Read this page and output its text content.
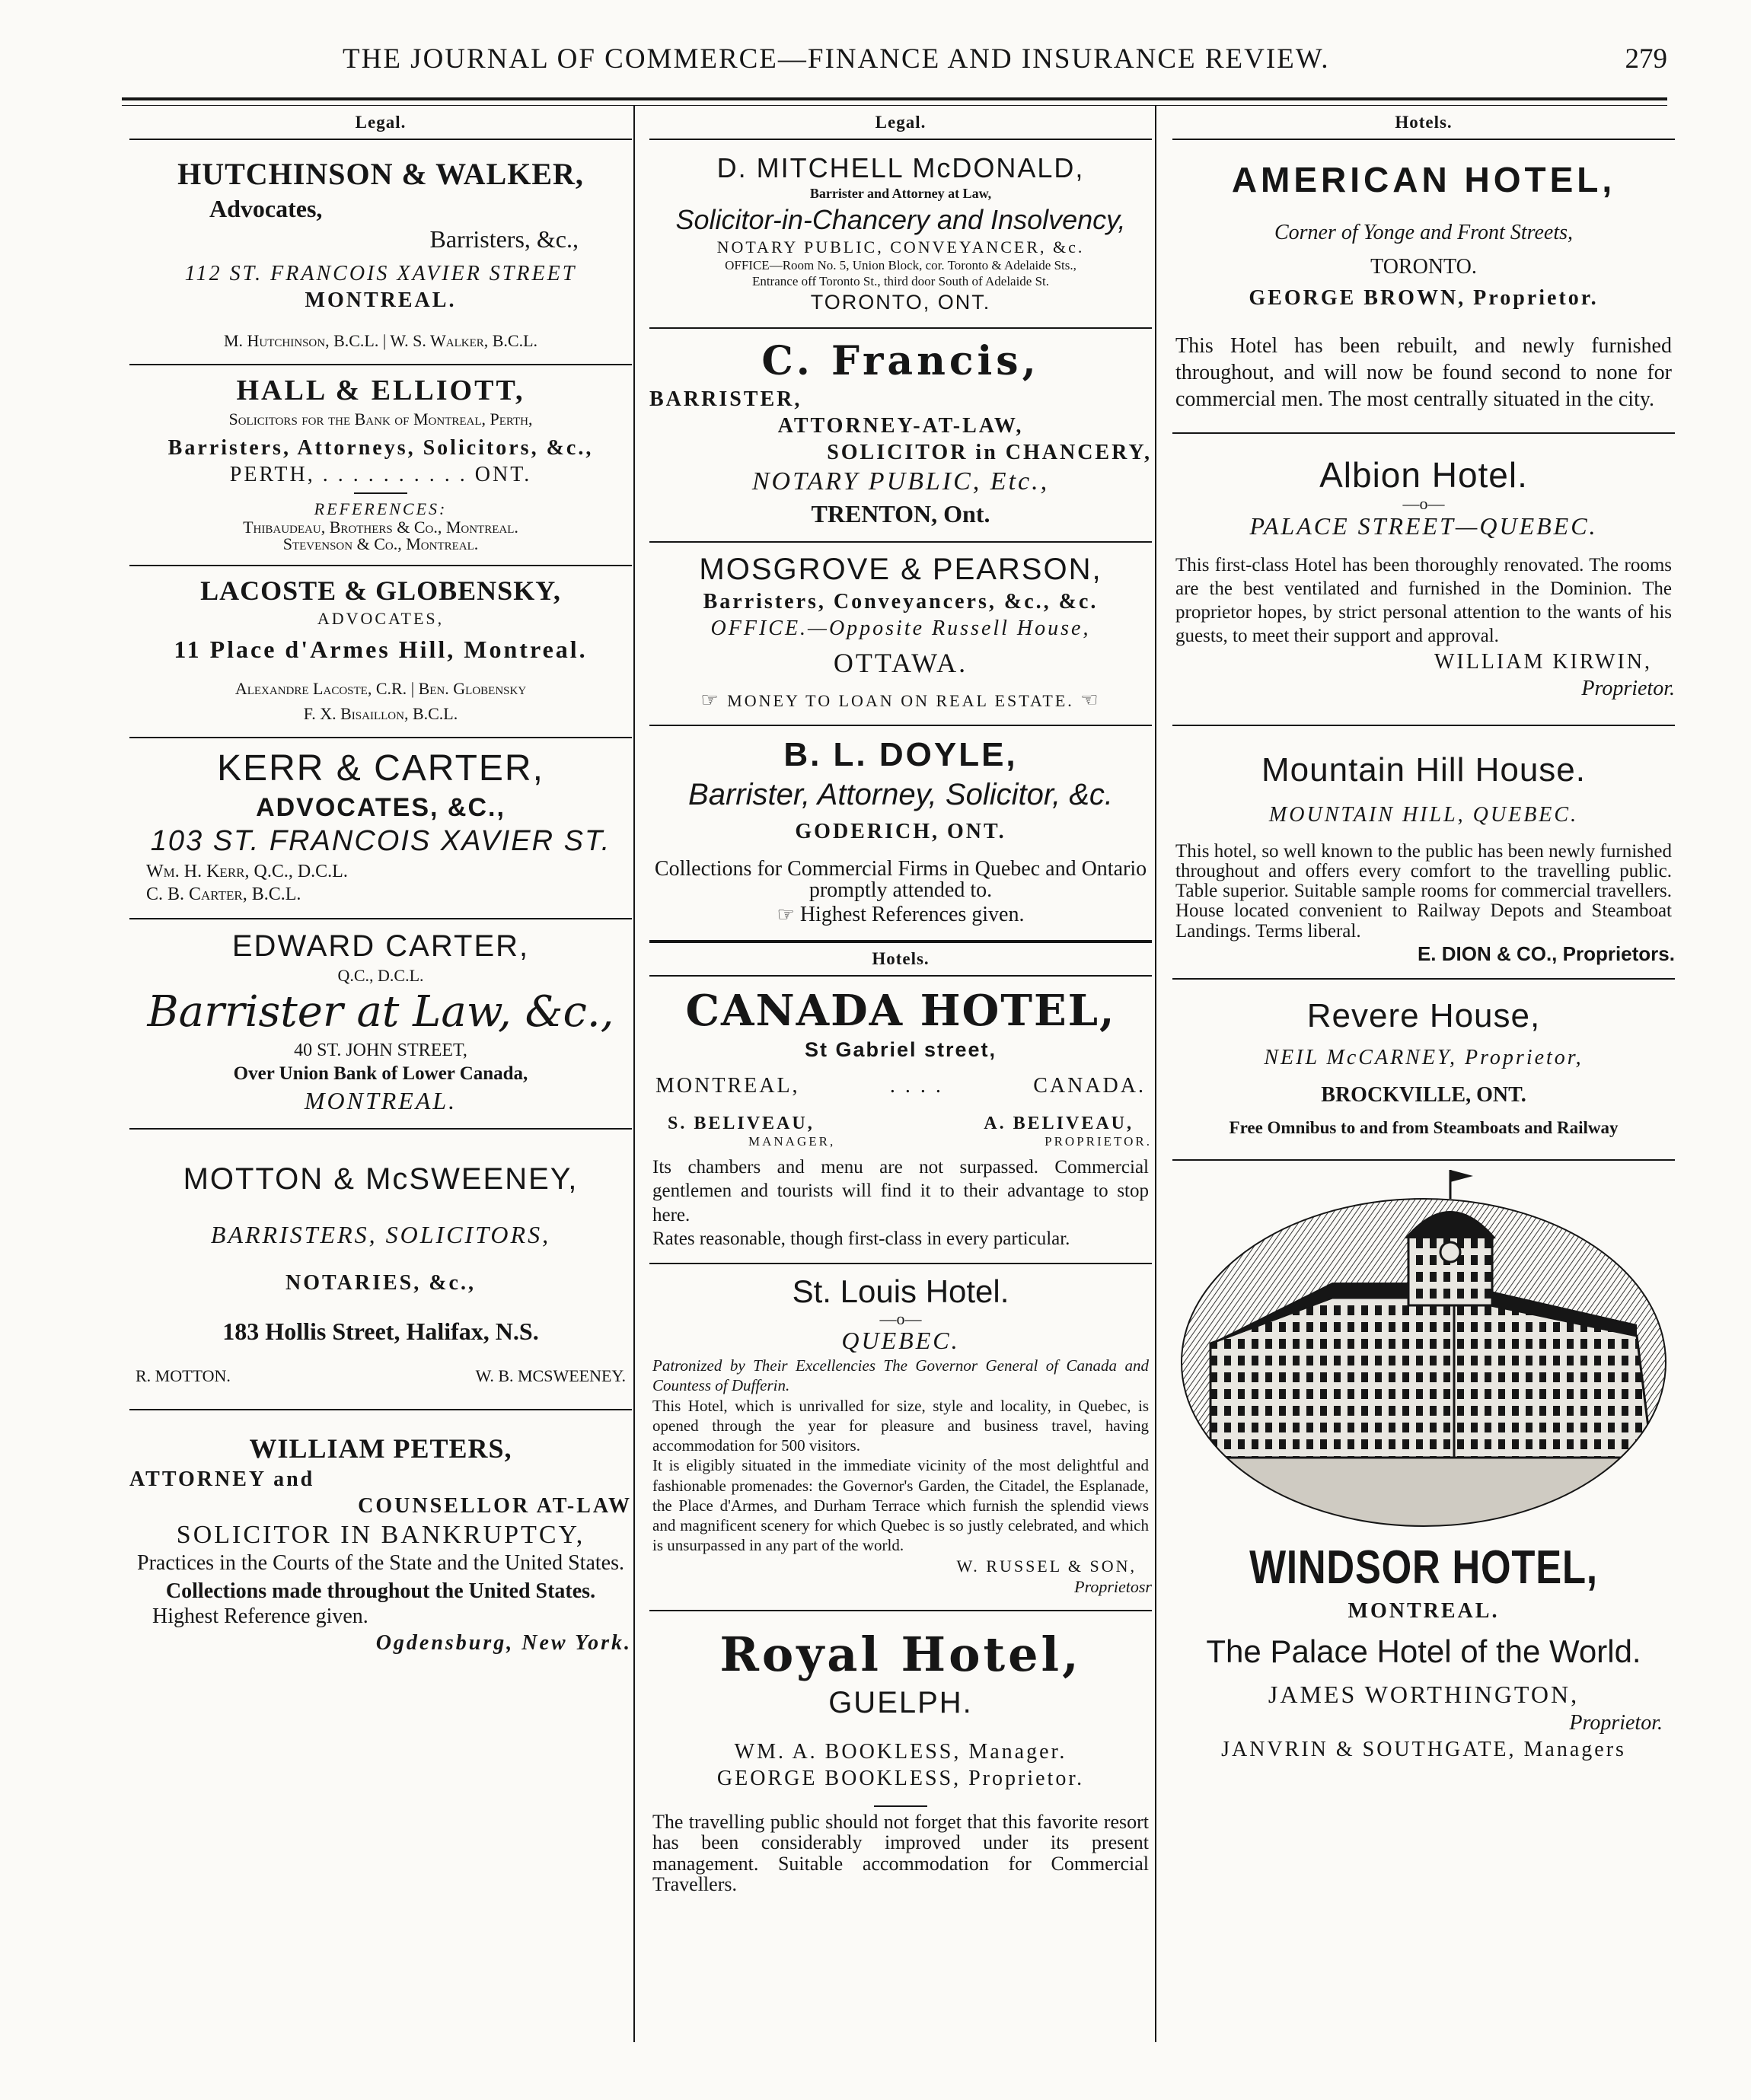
THE JOURNAL OF COMMERCE—FINANCE AND INSURANCE REVIEW.	279
Legal.

HUTCHINSON & WALKER,

Advocates,

Barristers, &c.,

112 ST. FRANCOIS XAVIER STREET

MONTREAL.

M. Hutchinson, B.C.L. | W. S. Walker, B.C.L.

HALL & ELLIOTT,

Solicitors for the Bank of Montreal, Perth,

Barristers, Attorneys, Solicitors, &c.,

PERTH, . . . . . . . . . . ONT.

REFERENCES:

Thibaudeau, Brothers & Co., Montreal.

Stevenson & Co., Montreal.

LACOSTE & GLOBENSKY,

ADVOCATES,

11 Place d'Armes Hill, Montreal.

Alexandre Lacoste, C.R. | Ben. Globensky

F. X. Bisaillon, B.C.L.

KERR & CARTER,

ADVOCATES, &C.,

103 ST. FRANCOIS XAVIER ST.

Wm. H. Kerr, Q.C., D.C.L.

C. B. Carter, B.C.L.

EDWARD CARTER,

Q.C., D.C.L.

Barrister at Law, &c.,

40 ST. JOHN STREET,

Over Union Bank of Lower Canada,

MONTREAL.

MOTTON & McSWEENEY,

BARRISTERS, SOLICITORS,

NOTARIES, &c.,

183 Hollis Street, Halifax, N.S.

R. MOTTON.	W. B. MCSWEENEY.

WILLIAM PETERS,

ATTORNEY and

COUNSELLOR AT-LAW

SOLICITOR IN BANKRUPTCY,

Practices in the Courts of the State and the United States.

Collections made throughout the United States.

Highest Reference given.

Ogdensburg, New York.

Legal.

D. MITCHELL McDONALD,

Barrister and Attorney at Law,

Solicitor-in-Chancery and Insolvency,

NOTARY PUBLIC, CONVEYANCER, &c.

OFFICE—Room No. 5, Union Block, cor. Toronto & Adelaide Sts.,

Entrance off Toronto St., third door South of Adelaide St.

TORONTO, ONT.

C. Francis,

BARRISTER,

ATTORNEY-AT-LAW,

SOLICITOR in CHANCERY,

NOTARY PUBLIC, Etc.,

TRENTON, Ont.

MOSGROVE & PEARSON,

Barristers, Conveyancers, &c., &c.

OFFICE.—Opposite Russell House,

OTTAWA.

☞ MONEY TO LOAN ON REAL ESTATE. ☜

B. L. DOYLE,

Barrister, Attorney, Solicitor, &c.

GODERICH, ONT.

Collections for Commercial Firms in Quebec and Ontario promptly attended to.

☞ Highest References given.

Hotels.

CANADA HOTEL,

St Gabriel street,

MONTREAL,	. . . .	CANADA.
S. BELIVEAU,	A. BELIVEAU,
MANAGER,	PROPRIETOR.

Its chambers and menu are not surpassed. Commercial gentlemen and tourists will find it to their advantage to stop here.

Rates reasonable, though first-class in every particular.

St. Louis Hotel.

—o—

QUEBEC.

Patronized by Their Excellencies The Governor General of Canada and Countess of Dufferin.

This Hotel, which is unrivalled for size, style and locality, in Quebec, is opened through the year for pleasure and business travel, having accommodation for 500 visitors.

It is eligibly situated in the immediate vicinity of the most delightful and fashionable promenades: the Governor's Garden, the Citadel, the Esplanade, the Place d'Armes, and Durham Terrace which furnish the splendid views and magnificent scenery for which Quebec is so justly celebrated, and which is unsurpassed in any part of the world.

W. RUSSEL & SON,

Proprietosr

Royal Hotel,

GUELPH.

WM. A. BOOKLESS, Manager.

GEORGE BOOKLESS, Proprietor.

The travelling public should not forget that this favorite resort has been considerably improved under its present management. Suitable accommodation for Commercial Travellers.

Hotels.

AMERICAN HOTEL,

Corner of Yonge and Front Streets,

TORONTO.

GEORGE BROWN, Proprietor.

This Hotel has been rebuilt, and newly furnished throughout, and will now be found second to none for commercial men. The most centrally situated in the city.

Albion Hotel.

—o—

PALACE STREET—QUEBEC.

This first-class Hotel has been thoroughly renovated. The rooms are the best ventilated and furnished in the Dominion. The proprietor hopes, by strict personal attention to the wants of his guests, to meet their support and approval.

WILLIAM KIRWIN,

Proprietor.

Mountain Hill House.

MOUNTAIN HILL, QUEBEC.

This hotel, so well known to the public has been newly furnished throughout and offers every comfort to the travelling public. Table superior. Suitable sample rooms for commercial travellers. House located convenient to Railway Depots and Steamboat Landings. Terms liberal.

E. DION & CO., Proprietors.

Revere House,

NEIL McCARNEY, Proprietor,

BROCKVILLE, ONT.

Free Omnibus to and from Steamboats and Railway

WINDSOR HOTEL,

MONTREAL.

The Palace Hotel of the World.

JAMES WORTHINGTON,

Proprietor.

JANVRIN & SOUTHGATE, Managers
